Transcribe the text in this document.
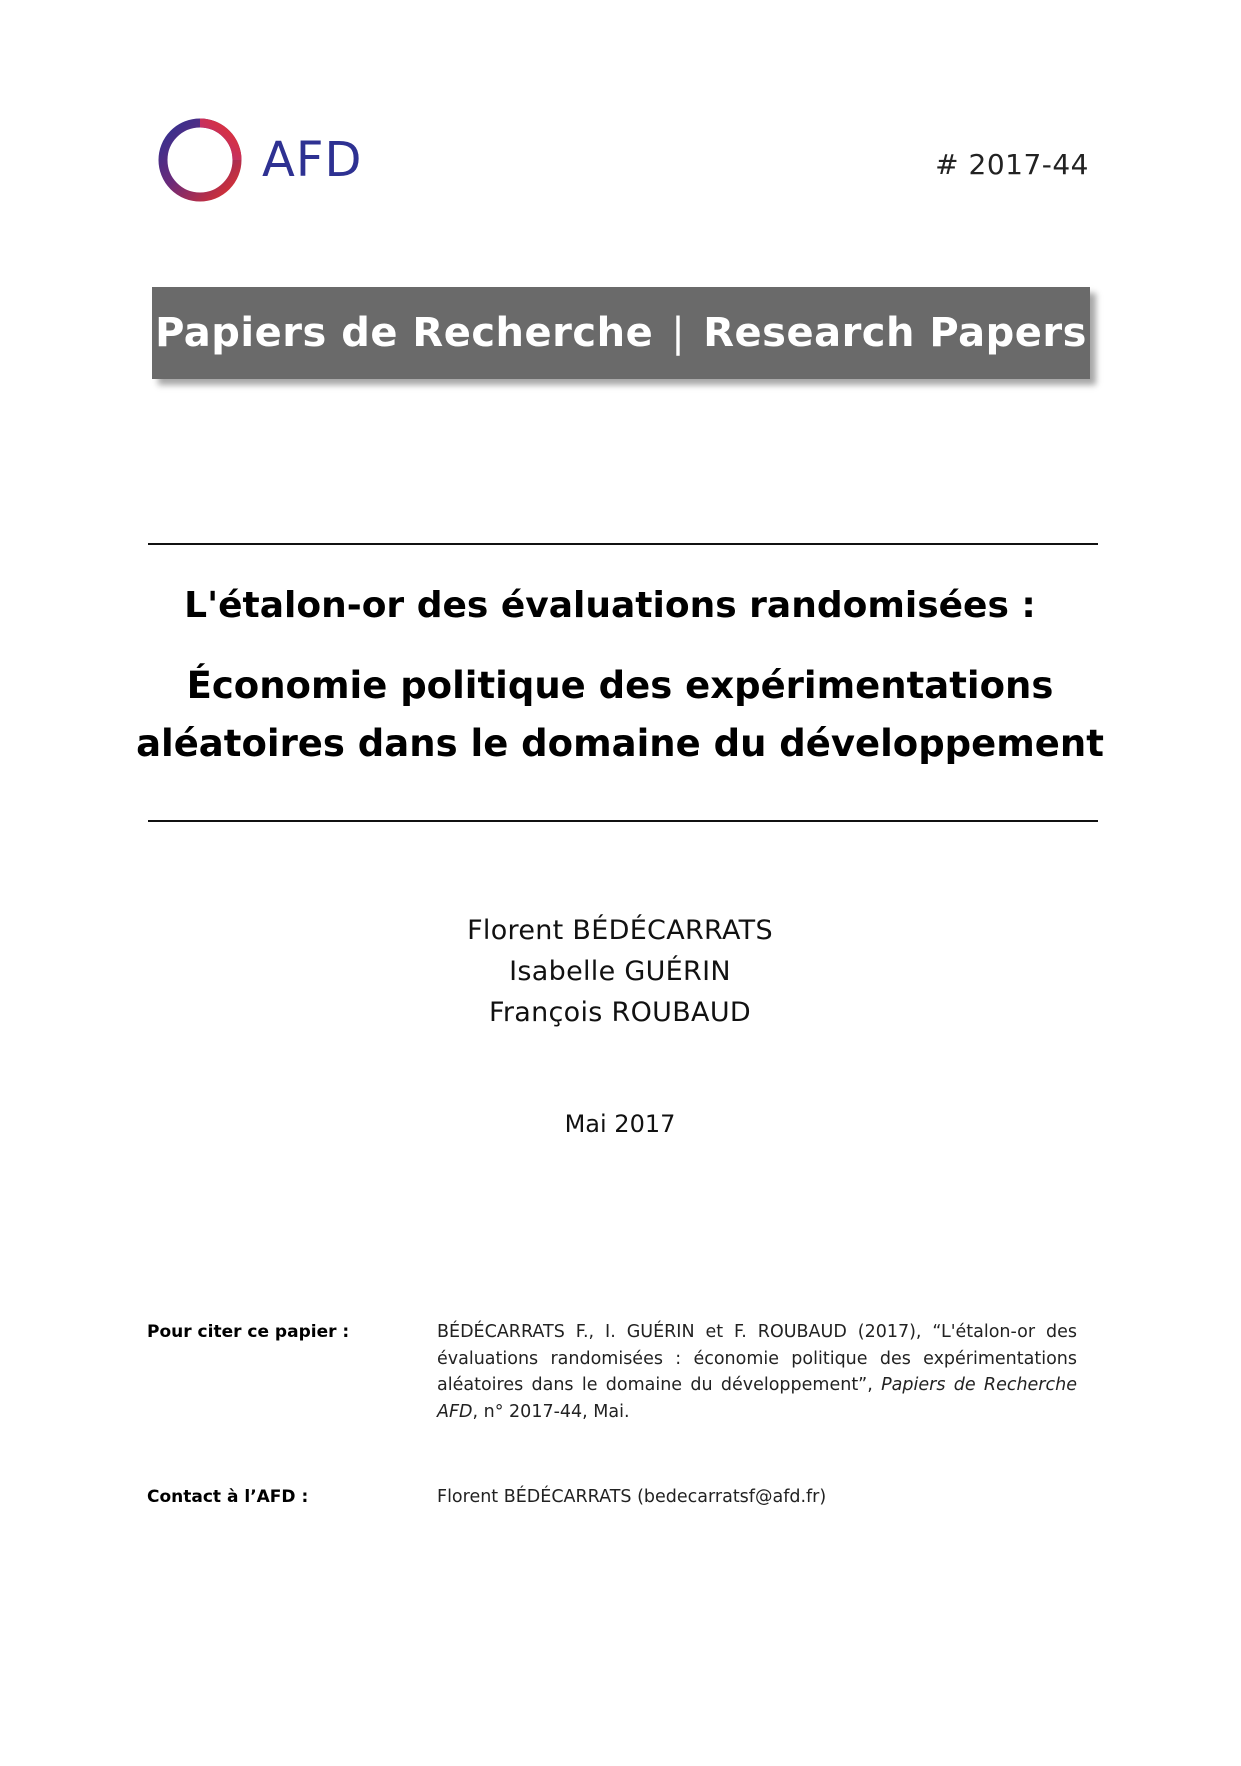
AFD	# 2017-44
Papiers de Recherche | Research Papers
L'étalon-or des évaluations randomisées :
Économie politique des expérimentations
aléatoires dans le domaine du développement
Florent BÉDÉCARRATS
Isabelle GUÉRIN
François ROUBAUD
Mai 2017
Pour citer ce papier :	BÉDÉCARRATS F., I. GUÉRIN et F. ROUBAUD (2017), “L'étalon-or des évaluations randomisées : économie politique des expérimentations aléatoires dans le domaine du développement”, Papiers de Recherche AFD, n° 2017-44, Mai.
Contact à l’AFD :	Florent BÉDÉCARRATS (bedecarratsf@afd.fr)
